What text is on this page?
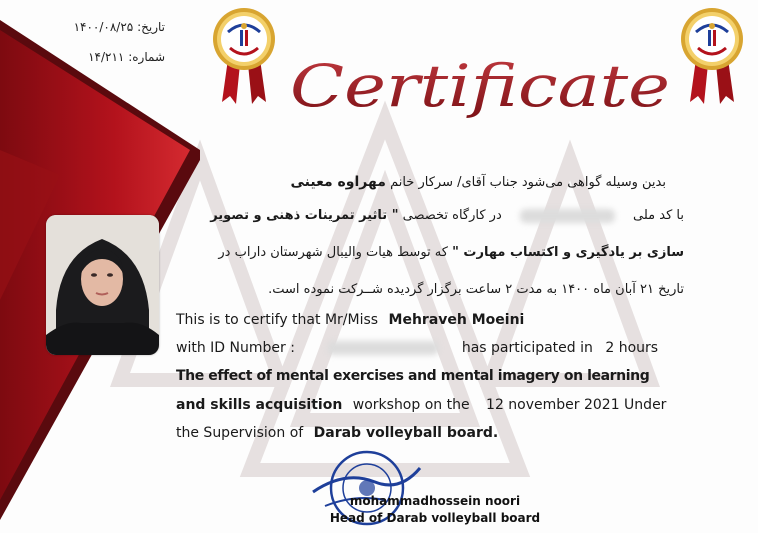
Certificate
تاریخ: ۱۴۰۰/۰۸/۲۵
شماره: ۱۴/۲۱۱
بدین وسیله گواهی می‌شود جناب آقای/ سرکار خانم مهراوه معینی
با کد ملی  در کارگاه تخصصی " تاثیر تمرینات ذهنی و تصویر
سازی بر یادگیری و اکتساب مهارت " که توسط هیات والیبال شهرستان داراب در
تاریخ ۲۱ آبان ماه ۱۴۰۰ به مدت ۲ ساعت برگزار گردیده شــرکت نموده است.
This is to certify that Mr/Miss Mehraveh Moeini
with ID Number :	has participated in 2 hours
The effect of mental exercises and mental imagery on learning
and skills acquisition workshop on the 12 november 2021 Under
the Supervision of Darab volleyball board.
mohammadhossein noori
Head of Darab volleyball board
